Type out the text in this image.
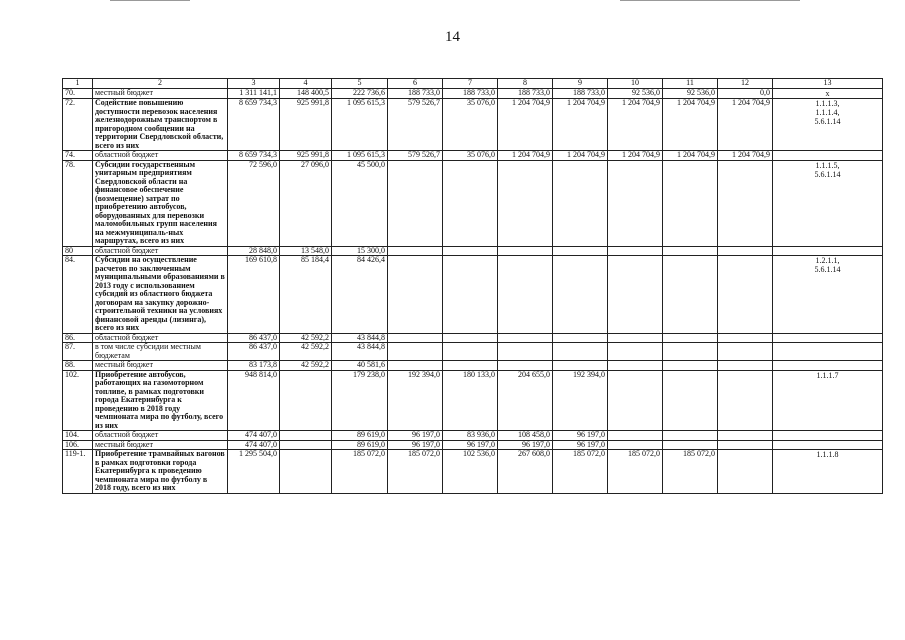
14
1	2	3	4	5	6	7	8	9	10	11	12	13
70.	местный бюджет	1 311 141,1	148 400,5	222 736,6	188 733,0	188 733,0	188 733,0	188 733,0	92 536,0	92 536,0	0,0	x

72.	Содействие повышению доступности перевозок населения железнодорожным транспортом в пригородном сообщении на территории Свердловской области, всего из них	8 659 734,3	925 991,8	1 095 615,3	579 526,7	35 076,0	1 204 704,9	1 204 704,9	1 204 704,9	1 204 704,9	1 204 704,9	1.1.1.3,
1.1.1.4,
5.6.1.14

74.	областной бюджет	8 659 734,3	925 991,8	1 095 615,3	579 526,7	35 076,0	1 204 704,9	1 204 704,9	1 204 704,9	1 204 704,9	1 204 704,9	
78.	Субсидии государственным унитарным предприятиям Свердловской области на финансовое обеспечение (возмещение) затрат по приобретению автобусов, оборудованных для перевозки маломобильных групп населения на межмуниципаль-ных маршрутах, всего из них	72 596,0	27 096,0	45 500,0								1.1.1.5,
5.6.1.14

80	областной бюджет	28 848,0	13 548,0	15 300,0								
84.	Субсидии на осуществление расчетов по заключенным муниципальными образованиями в 2013 году с использованием субсидий из областного бюджета договорам на закупку дорожно-строительной техники на условиях финансовой аренды (лизинга), всего из них	169 610,8	85 184,4	84 426,4								1.2.1.1,
5.6.1.14

86.	областной бюджет	86 437,0	42 592,2	43 844,8								
87.	в том числе субсидии местным бюджетам	86 437,0	42 592,2	43 844,8								
88.	местный бюджет	83 173,8	42 592,2	40 581,6								
102.	Приобретение автобусов, работающих на газомоторном топливе, в рамках подготовки города Екатеринбурга к проведению в 2018 году чемпионата мира по футболу, всего из них	948 814,0		179 238,0	192 394,0	180 133,0	204 655,0	192 394,0				1.1.1.7

104.	областной бюджет	474 407,0		89 619,0	96 197,0	83 936,0	108 458,0	96 197,0				
106.	местный бюджет	474 407,0		89 619,0	96 197,0	96 197,0	96 197,0	96 197,0				
119-1.	Приобретение трамвайных вагонов в рамках подготовки города Екатеринбурга к проведению чемпионата мира по футболу в 2018 году, всего из них	1 295 504,0		185 072,0	185 072,0	102 536,0	267 608,0	185 072,0	185 072,0	185 072,0		1.1.1.8
